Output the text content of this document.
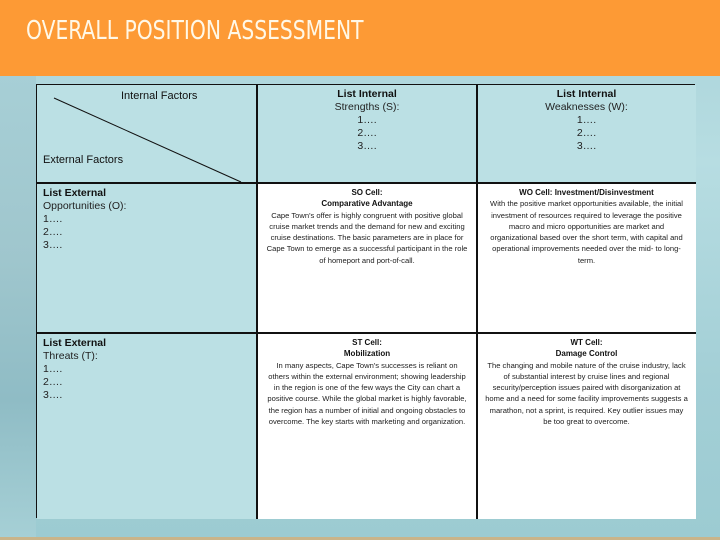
OVERALL POSITION ASSESSMENT
Internal Factors
External Factors
List Internal
Strengths (S):
1….
2….
3….
List Internal
Weaknesses (W):
1….
2….
3….
List External
Opportunities (O):
1….
2….
3….
List External
Threats (T):
1….
2….
3….
SO Cell:
Comparative Advantage
Cape Town's offer is highly congruent with positive global cruise market trends and the demand for new and exciting cruise destinations. The basic parameters are in place for Cape Town to emerge as a successful participant in the role of homeport and port-of-call.
WO Cell: Investment/Disinvestment
With the positive market opportunities available, the initial investment of resources required to leverage the positive macro and micro opportunities are market and organizational based over the short term, with capital and operational improvements needed over the mid- to long-term.
ST Cell:
Mobilization
In many aspects, Cape Town's successes is reliant on others within the external environment; showing leadership in the region is one of the few ways the City can chart a positive course. While the global market is highly favorable, the region has a number of initial and ongoing obstacles to overcome. The key starts with marketing and organization.
WT Cell:
Damage Control
The changing and mobile nature of the cruise industry, lack of substantial interest by cruise lines and regional security/perception issues paired with disorganization at home and a need for some facility improvements suggests a marathon, not a sprint, is required. Key outlier issues may be too great to overcome.
